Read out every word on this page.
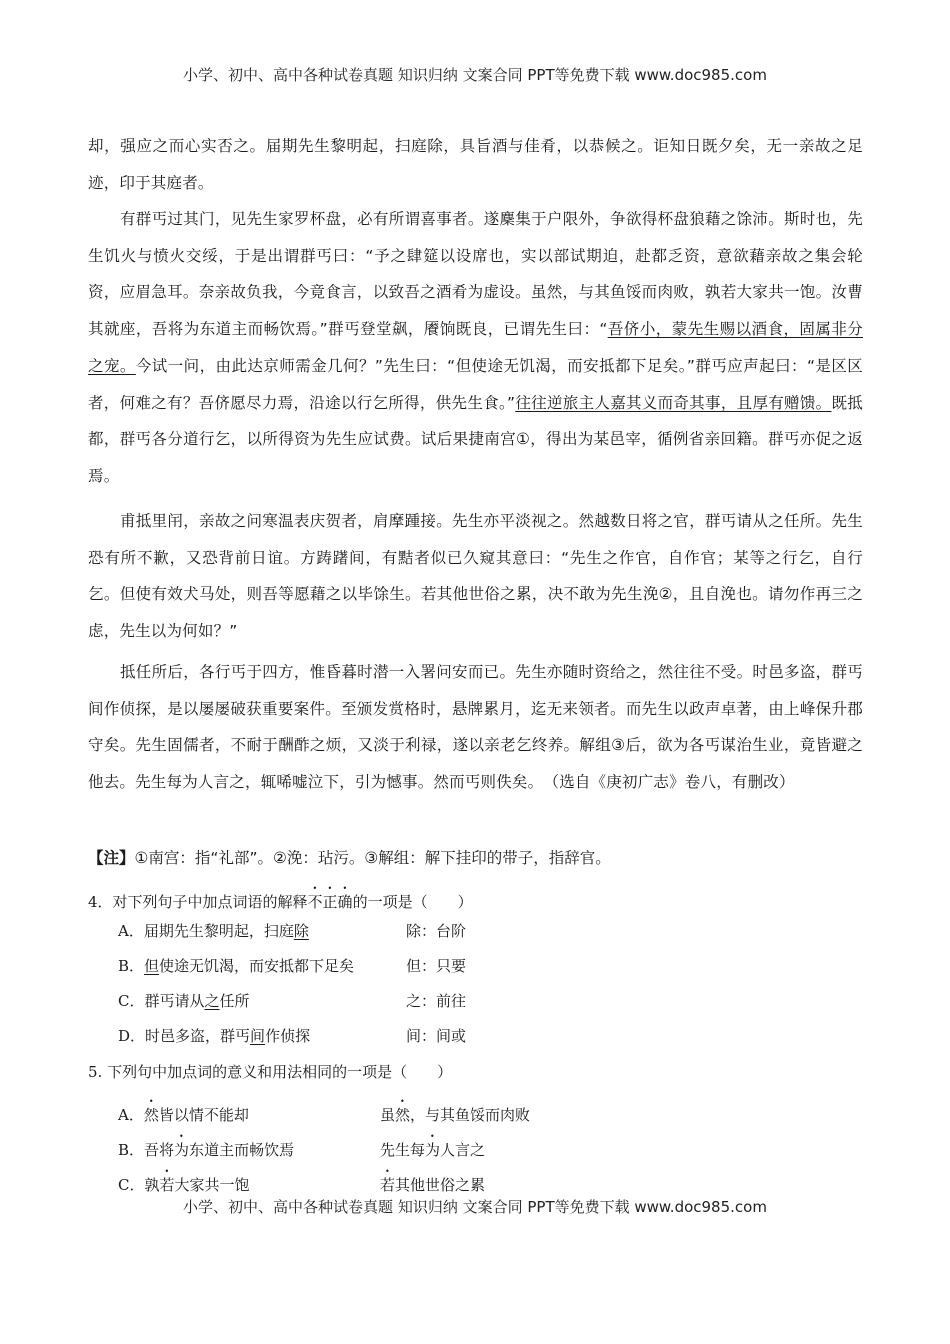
小学、初中、高中各种试卷真题 知识归纳 文案合同 PPT等免费下载 www.doc985.com

却，强应之而心实否之。届期先生黎明起，扫庭除，具旨酒与佳肴，以恭候之。讵知日既夕矣，无一亲故之足迹，印于其庭者。

有群丐过其门，见先生家罗杯盘，必有所谓喜事者。遂麇集于户限外，争欲得杯盘狼藉之馀沛。斯时也，先生饥火与愤火交绥，于是出谓群丐曰：“予之肆筵以设席也，实以部试期迫，赴都乏资，意欲藉亲故之集会轮资，应眉急耳。奈亲故负我，今竟食言，以致吾之酒肴为虚设。虽然，与其鱼馁而肉败，孰若大家共一饱。汝曹其就座，吾将为东道主而畅饮焉。”群丐登堂飙，餍饷既良，已谓先生曰：“吾侪小，蒙先生赐以酒食，固属非分之宠。今试一问，由此达京师需金几何？”先生曰：“但使途无饥渴，而安抵都下足矣。”群丐应声起曰：“是区区者，何难之有？吾侪愿尽力焉，沿途以行乞所得，供先生食。”往往逆旅主人嘉其义而奇其事，且厚有赠馈。既抵都，群丐各分道行乞，以所得资为先生应试费。试后果捷南宫①，得出为某邑宰，循例省亲回籍。群丐亦促之返焉。

甫抵里闬，亲故之问寒温表庆贺者，肩摩踵接。先生亦平淡视之。然越数日将之官，群丐请从之任所。先生恐有所不歉，又恐背前日谊。方踌躇间，有黠者似已久窥其意曰：“先生之作官，自作官；某等之行乞，自行乞。但使有效犬马处，则吾等愿藉之以毕馀生。若其他世俗之累，决不敢为先生浼②，且自浼也。请勿作再三之虑，先生以为何如？”

抵任所后，各行丐于四方，惟昏暮时潜一入署问安而已。先生亦随时资给之，然往往不受。时邑多盗，群丐间作侦探，是以屡屡破获重要案件。至颁发赏格时，悬牌累月，迄无来领者。而先生以政声卓著，由上峰保升郡守矣。先生固儒者，不耐于酬酢之烦，又淡于利禄，遂以亲老乞终养。解组③后，欲为各丐谋治生业，竟皆避之他去。先生每为人言之，辄唏嘘泣下，引为憾事。然而丐则佚矣。　（选自《庚初广志》卷八，有删改）

【注】①南宫：指“礼部”。②浼：玷污。③解组：解下挂印的带子，指辞官。
4．对下列句子中加点词语的解释不正确的一项是（　　）
A．届期先生黎明起，扫庭除	除：台阶
B．但使途无饥渴，而安抵都下足矣	但：只要
C．群丐请从之任所	之：前往
D．时邑多盗，群丐间作侦探	间：间或
5. 下列句中加点词的意义和用法相同的一项是（　　）
A．然皆以情不能却	虽然，与其鱼馁而肉败
B．吾将为东道主而畅饮焉	先生每为人言之
C．孰若大家共一饱	若其他世俗之累
小学、初中、高中各种试卷真题 知识归纳 文案合同 PPT等免费下载 www.doc985.com
